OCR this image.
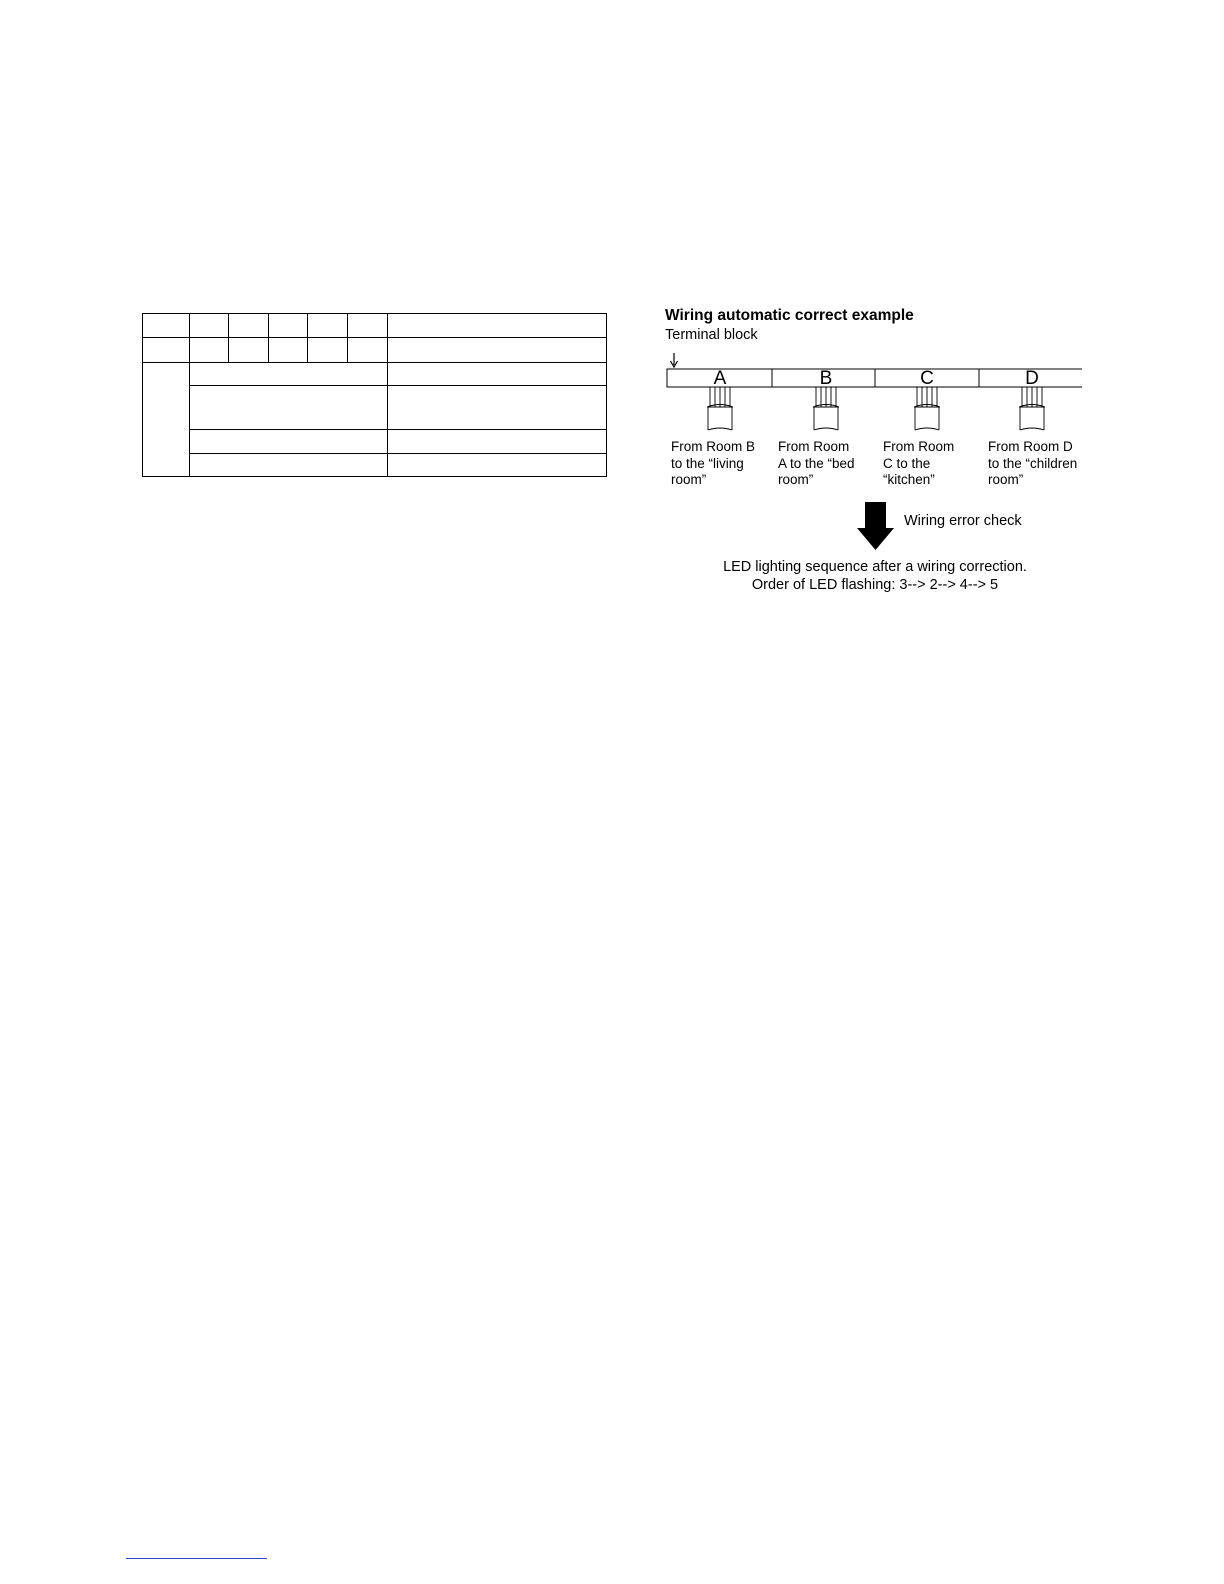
Wiring automatic correct example
Terminal block
A	B	C	D
From Room B
to the “living
room”
From Room
A to the “bed
room”
From Room
C to the
“kitchen”
From Room D
to the “children
room”
Wiring error check
LED lighting sequence after a wiring correction.
Order of LED flashing: 3--> 2--> 4--> 5
